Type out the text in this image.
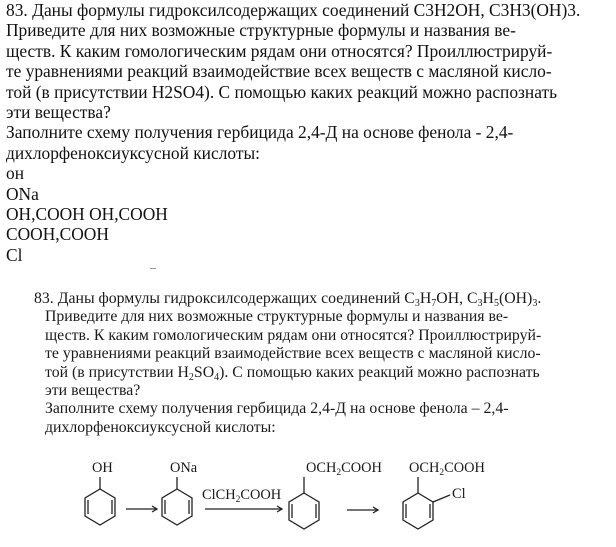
83. Даны формулы гидроксилсодержащих соединений С3Н2ОН, С3Н3(ОН)3.
Приведите для них возможные структурные формулы и названия ве-
ществ. К каким гомологическим рядам они относятся? Проиллюстрируй-
те уравнениями реакций взаимодействие всех веществ с масляной кисло-
той (в присутствии H2SO4). С помощью каких реакций можно распознать
эти вещества?
Заполните схему получения гербицида 2,4-Д на основе фенола - 2,4-
дихлорфеноксиуксусной кислоты:
он
ONa
OH,COOH OH,COOH
COOH,COOH
Cl
83. Даны формулы гидроксилсодержащих соединений $C_3H_7OH$, $C_3H_5(OH)_3$.
Приведите для них возможные структурные формулы и названия ве-
ществ. К каким гомологическим рядам они относятся? Проиллюстрируй-
те уравнениями реакций взаимодействие всех веществ с масляной кисло-
той (в присутствии $H_2SO_4$). С помощью каких реакций можно распознать
эти вещества?
Заполните схему получения гербицида 2,4-Д на основе фенола – 2,4-
дихлорфеноксиуксусной кислоты:
OH	ONa
ClCH$_2$COOH
$OCH_2COOH$ $OCH_2COOH$
Cl
